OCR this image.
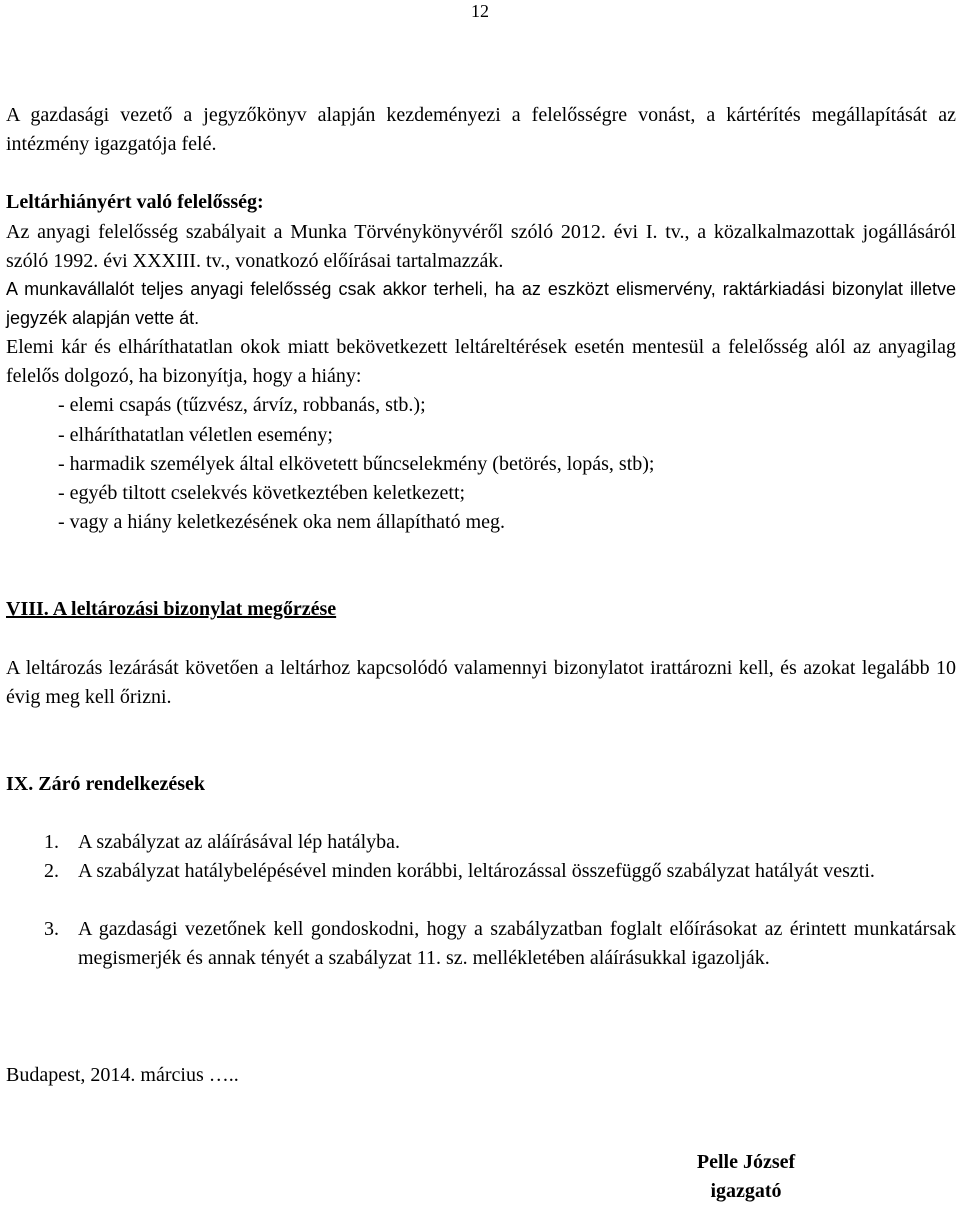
12

A gazdasági vezető a jegyzőkönyv alapján kezdeményezi a felelősségre vonást, a kártérítés megállapítását az intézmény igazgatója felé.

Leltárhiányért való felelősség:

Az anyagi felelősség szabályait a Munka Törvénykönyvéről szóló 2012. évi I. tv., a közalkalmazottak jogállásáról szóló 1992. évi XXXIII. tv., vonatkozó előírásai tartalmazzák.

A munkavállalót teljes anyagi felelősség csak akkor terheli, ha az eszközt elismervény, raktárkiadási bizonylat illetve jegyzék alapján vette át.

Elemi kár és elháríthatatlan okok miatt bekövetkezett leltáreltérések esetén mentesül a felelősség alól az anyagilag felelős dolgozó, ha bizonyítja, hogy a hiány:

- elemi csapás (tűzvész, árvíz, robbanás, stb.);
- elháríthatatlan véletlen esemény;
- harmadik személyek által elkövetett bűncselekmény (betörés, lopás, stb);
- egyéb tiltott cselekvés következtében keletkezett;
- vagy a hiány keletkezésének oka nem állapítható meg.
VIII. A leltározási bizonylat megőrzése

A leltározás lezárását követően a leltárhoz kapcsolódó valamennyi bizonylatot irattározni kell, és azokat legalább 10 évig meg kell őrizni.

IX. Záró rendelkezések
1. A szabályzat az aláírásával lép hatályba.
2. A szabályzat hatálybelépésével minden korábbi, leltározással összefüggő szabályzat hatályát veszti.
3. A gazdasági vezetőnek kell gondoskodni, hogy a szabályzatban foglalt előírásokat az érintett munkatársak megismerjék és annak tényét a szabályzat 11. sz. mellékletében aláírásukkal igazolják.
Budapest, 2014. március …..
Pelle József
igazgató
